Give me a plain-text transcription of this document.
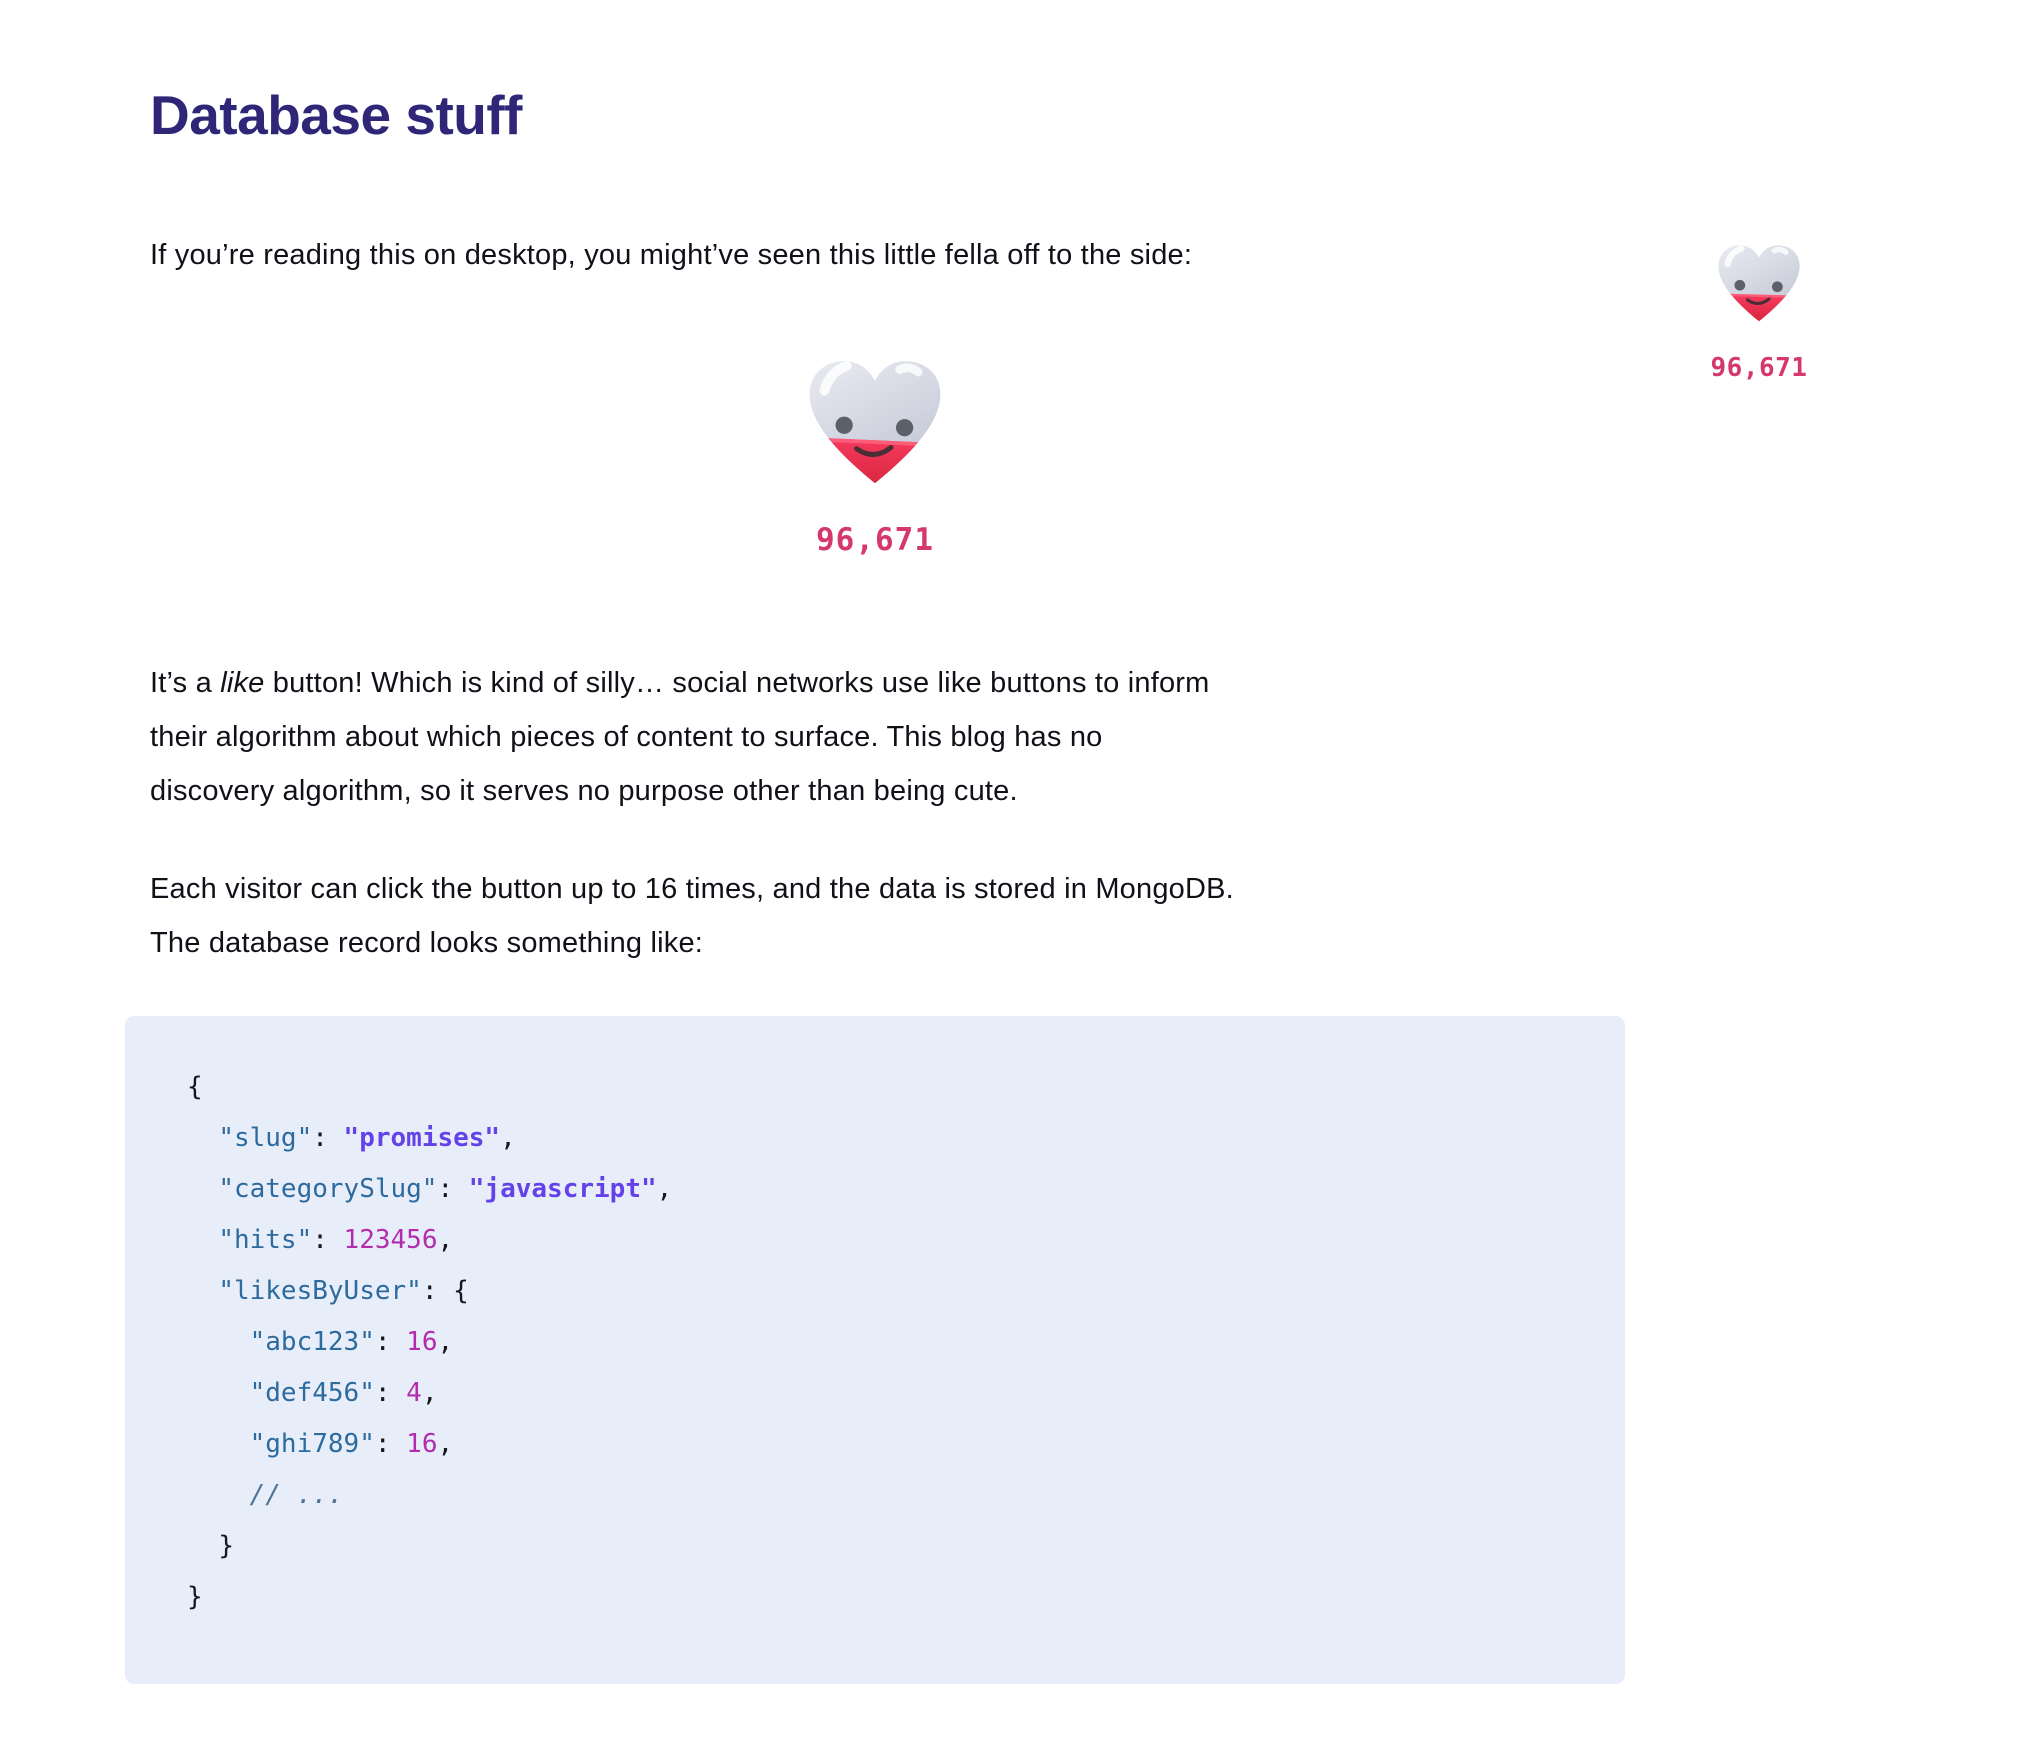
Database stuff

If you’re reading this on desktop, you might’ve seen this little fella off to the side:

96,671

It’s a like button! Which is kind of silly… social networks use like buttons to inform
their algorithm about which pieces of content to surface. This blog has no
discovery algorithm, so it serves no purpose other than being cute.

Each visitor can click the button up to 16 times, and the data is stored in MongoDB.
The database record looks something like:

{
"slug": "promises",
"categorySlug": "javascript",
"hits": 123456,
"likesByUser": {
"abc123": 16,
"def456": 4,
"ghi789": 16,
// ...
}
}
96,671
